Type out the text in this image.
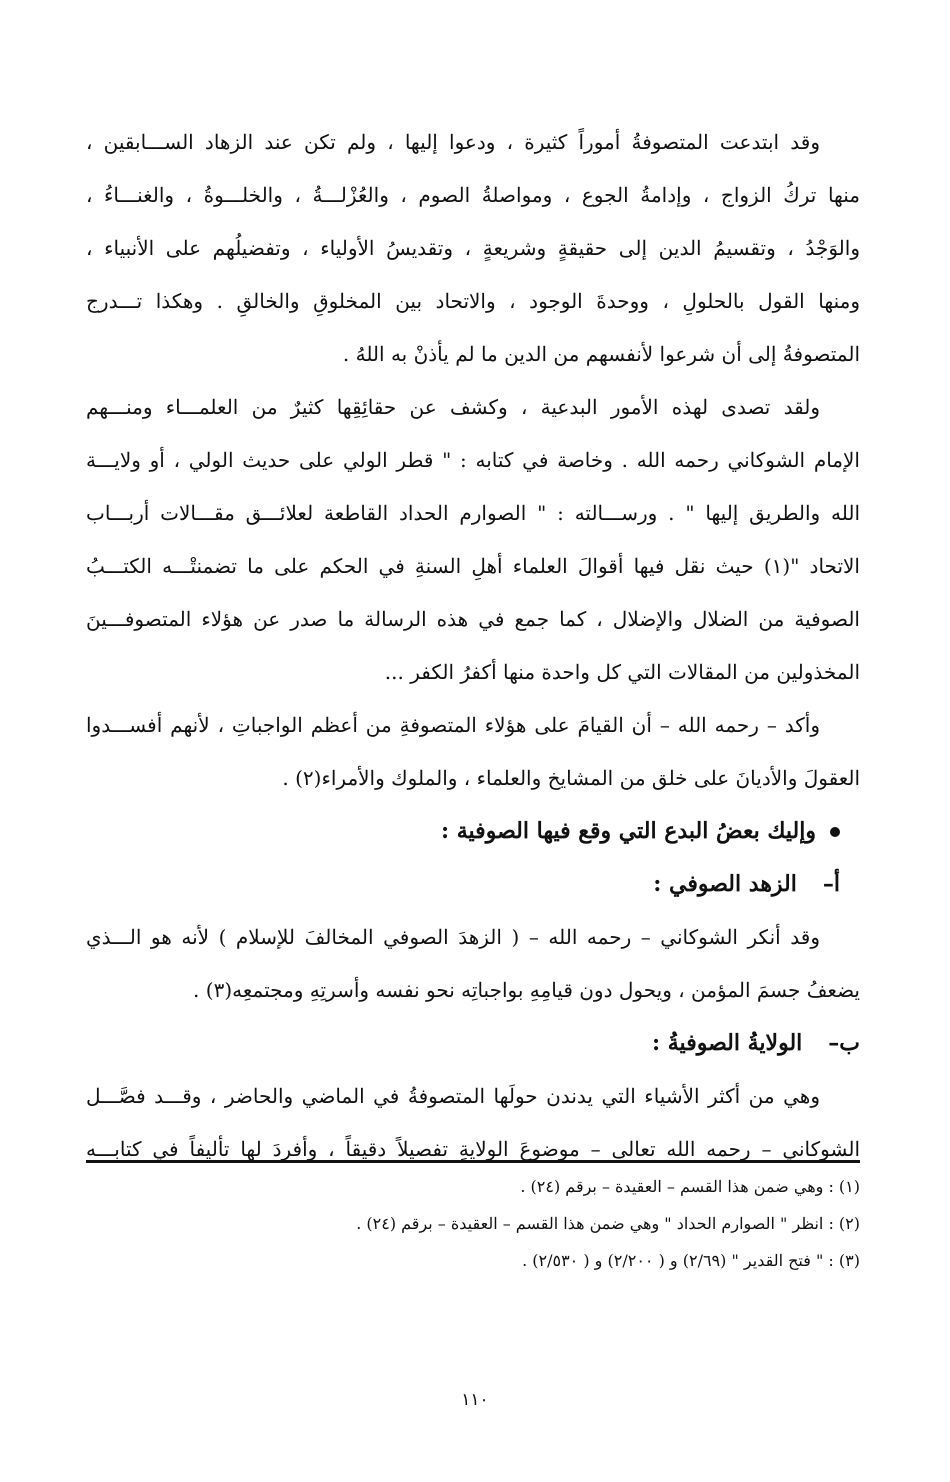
وقد ابتدعت المتصوفةُ أموراً كثيرة ، ودعوا إليها ، ولم تكن عند الزهاد الســـابقين ،
منها تركُ الزواج ، وإدامةُ الجوع ، ومواصلةُ الصوم ، والعُزْلـــةُ ، والخلـــوةُ ، والغنـــاءُ ،
والوَجْدُ ، وتقسيمُ الدين إلى حقيقةٍ وشريعةٍ ، وتقديسُ الأولياء ، وتفضيلُهم على الأنبياء ،
ومنها القول بالحلولِ ، ووحدةَ الوجود ، والاتحاد بين المخلوقِ والخالقِ . وهكذا تـــدرج
المتصوفةُ إلى أن شرعوا لأنفسهم من الدين ما لم يأذنْ به اللهُ .
ولقد تصدى لهذه الأمور البدعية ، وكشف عن حقائِقِها كثيرٌ من العلمـــاء ومنـــهم
الإمام الشوكاني رحمه الله . وخاصة في كتابه : " قطر الولي على حديث الولي ، أو ولايـــة
الله والطريق إليها " . ورســـالته : " الصوارم الحداد القاطعة لعلائـــق مقـــالات أربـــاب
الاتحاد "(١) حيث نقل فيها أقوالَ العلماء أهلِ السنةِ في الحكم على ما تضمنتْـــه الكتـــبُ
الصوفية من الضلال والإضلال ، كما جمع في هذه الرسالة ما صدر عن هؤلاء المتصوفـــينَ
المخذولين من المقالات التي كل واحدة منها أكفرُ الكفر ...
وأكد – رحمه الله – أن القيامَ على هؤلاء المتصوفةِ من أعظم الواجباتِ ، لأنهم أفســـدوا
العقولَ والأديانَ على خلق من المشايخ والعلماء ، والملوك والأمراء(٢) .
وإليك بعضُ البدع التي وقع فيها الصوفية :
أ–الزهد الصوفي :
وقد أنكر الشوكاني – رحمه الله – ( الزهدَ الصوفي المخالفَ للإسلام ) لأنه هو الـــذي
يضعفُ جسمَ المؤمن ، ويحول دون قيامِهِ بواجباتِه نحو نفسه وأسرتِهِ ومجتمعِه(٣) .
ب–الولايةُ الصوفيةُ :
وهي من أكثر الأشياء التي يدندن حولَها المتصوفةُ في الماضي والحاضر ، وقـــد فصَّـــل
الشوكاني – رحمه الله تعالى – موضوعَ الولايةِ تفصيلاً دقيقاً ، وأفردَ لها تأليفاً في كتابـــه
(١) : وهي ضمن هذا القسم – العقيدة – برقم (٢٤) .
(٢) : انظر " الصوارم الحداد " وهي ضمن هذا القسم – العقيدة – برقم (٢٤) .
(٣) : " فتح القدير " (٢/٦٩) و ( ٢/٢٠٠) و ( ٢/٥٣٠) .
١١٠
